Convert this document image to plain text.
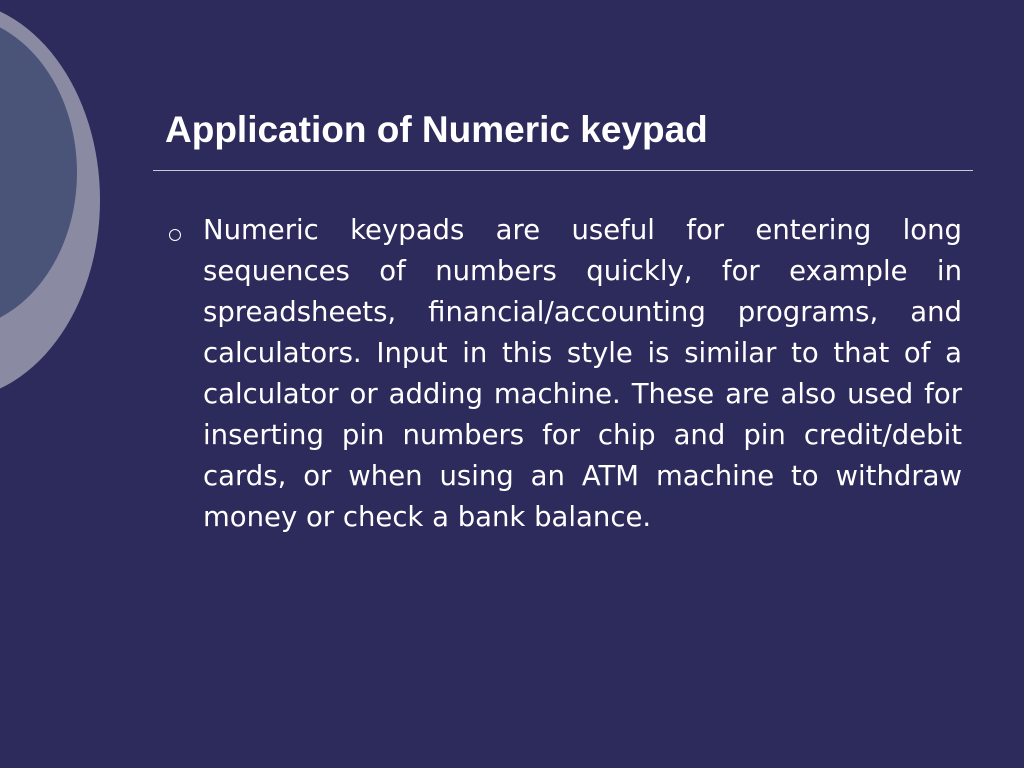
Application of Numeric keypad
Numeric keypads are useful for entering long sequences of numbers quickly, for example in spreadsheets, financial/accounting programs, and calculators. Input in this style is similar to that of a calculator or adding machine. These are also used for inserting pin numbers for chip and pin credit/debit cards, or when using an ATM machine to withdraw money or check a bank balance.
